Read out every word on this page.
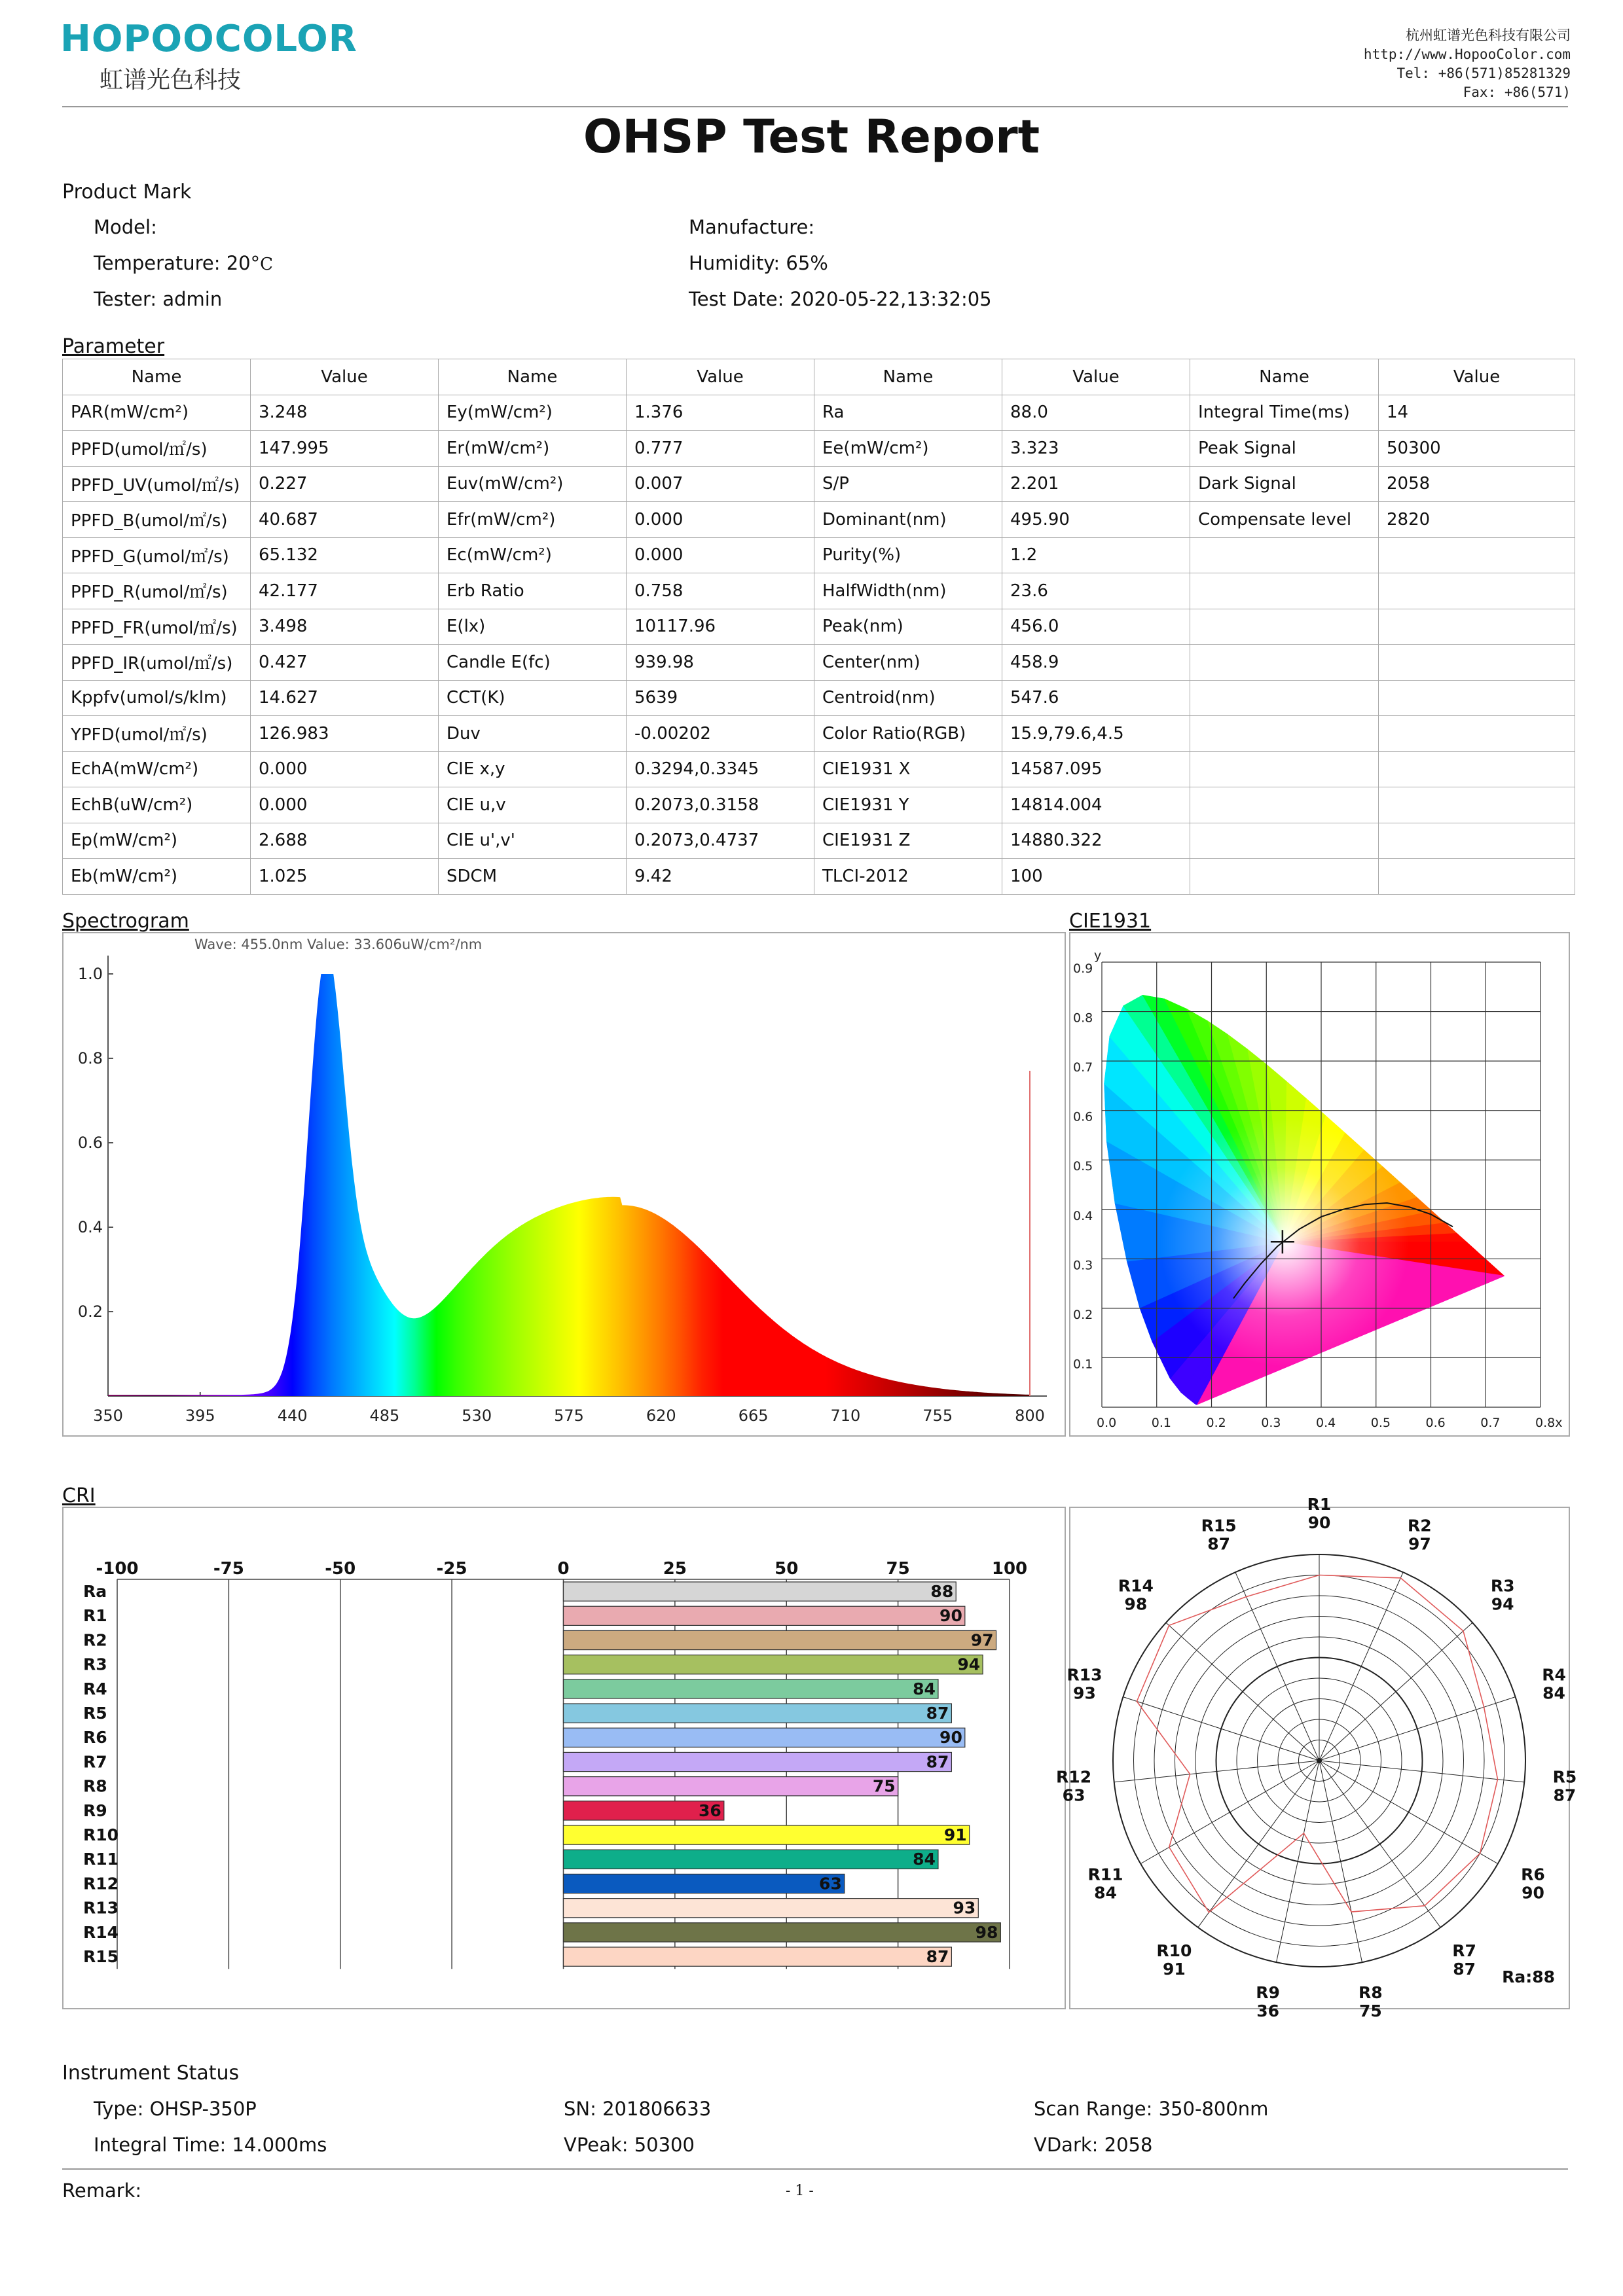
HOPOOCOLOR
虹谱光色科技
杭州虹谱光色科技有限公司
http://www.HopooColor.com
Tel: +86(571)85281329
Fax: +86(571)
OHSP Test Report
Product Mark
Model:	Manufacture:
Temperature: 20°C	Humidity: 65%
Tester: admin	Test Date: 2020-05-22,13:32:05
Parameter
Name	Value	Name	Value	Name	Value	Name	Value
PAR(mW/cm²)	3.248	Ey(mW/cm²)	1.376	Ra	88.0	Integral Time(ms)	14
PPFD(umol/㎡/s)	147.995	Er(mW/cm²)	0.777	Ee(mW/cm²)	3.323	Peak Signal	50300
PPFD_UV(umol/㎡/s)	0.227	Euv(mW/cm²)	0.007	S/P	2.201	Dark Signal	2058
PPFD_B(umol/㎡/s)	40.687	Efr(mW/cm²)	0.000	Dominant(nm)	495.90	Compensate level	2820
PPFD_G(umol/㎡/s)	65.132	Ec(mW/cm²)	0.000	Purity(%)	1.2		
PPFD_R(umol/㎡/s)	42.177	Erb Ratio	0.758	HalfWidth(nm)	23.6		
PPFD_FR(umol/㎡/s)	3.498	E(lx)	10117.96	Peak(nm)	456.0		
PPFD_IR(umol/㎡/s)	0.427	Candle E(fc)	939.98	Center(nm)	458.9		
Kppfv(umol/s/klm)	14.627	CCT(K)	5639	Centroid(nm)	547.6		
YPFD(umol/㎡/s)	126.983	Duv	-0.00202	Color Ratio(RGB)	15.9,79.6,4.5		
EchA(mW/cm²)	0.000	CIE x,y	0.3294,0.3345	CIE1931 X	14587.095		
EchB(uW/cm²)	0.000	CIE u,v	0.2073,0.3158	CIE1931 Y	14814.004		
Ep(mW/cm²)	2.688	CIE u',v'	0.2073,0.4737	CIE1931 Z	14880.322		
Eb(mW/cm²)	1.025	SDCM	9.42	TLCI-2012	100		
Spectrogram
1.0
0.8
0.6
0.4
0.2
350	395	440	485	530	575	620	665	710	755	800
Wave: 455.0nm Value: 33.606uW/cm²/nm
CIE1931
y
0.9
0.8
0.7
0.6
0.5
0.4
0.3
0.2
0.1
0.0	0.1	0.2	0.3	0.4	0.5	0.6	0.7	0.8x
CRI
-100	-75	-50	-25	0	25	50	75	100
Ra	88
R1	90
R2	97
R3	94
R4	84
R5	87
R6	90
R7	87
R8	75
R9	36
R10	91
R11	84
R12	63
R13	93
R14	98
R15	87
R1
90	R2
97
R3
94
R4
84
R5
87
R6
90
R7
87
R8
75
R9
36
R10
91
R11
84
R12
63
R13
93
R14
98
R15
87
Ra:88
Instrument Status
Type: OHSP-350P	SN: 201806633	Scan Range: 350-800nm
Integral Time: 14.000ms	VPeak: 50300	VDark: 2058
Remark:	- 1 -
